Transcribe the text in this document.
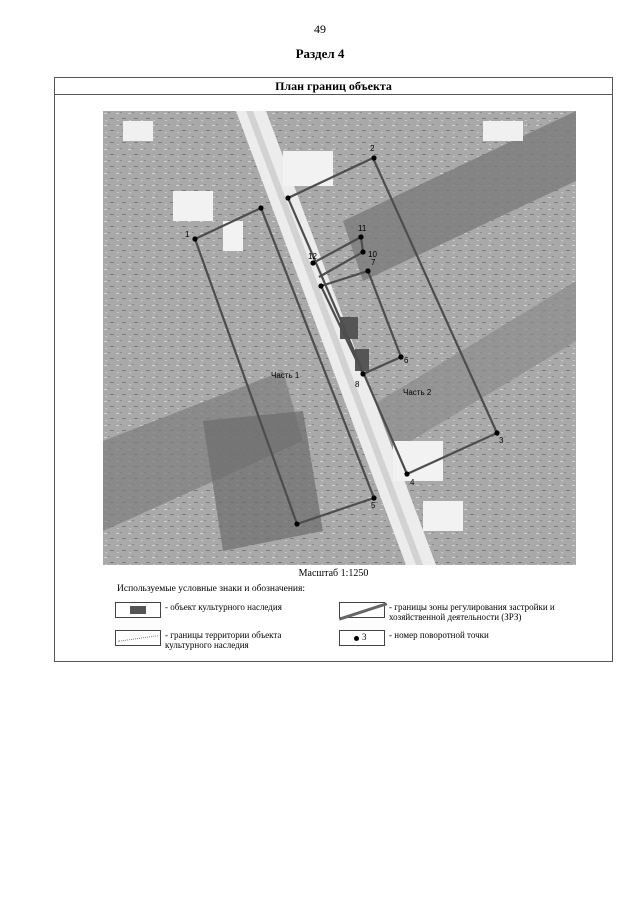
49
Раздел 4
План границ объекта
1
2
3
4
5
6
7
8
10
11
12
Часть 1
Часть 2
Масштаб 1:1250
Используемые условные знаки и обозначения:
- объект культурного наследия
- границы территории объекта культурного наследия
- границы зоны регулирования застройки и хозяйственной деятельности (ЗРЗ)
3	- номер поворотной точки
